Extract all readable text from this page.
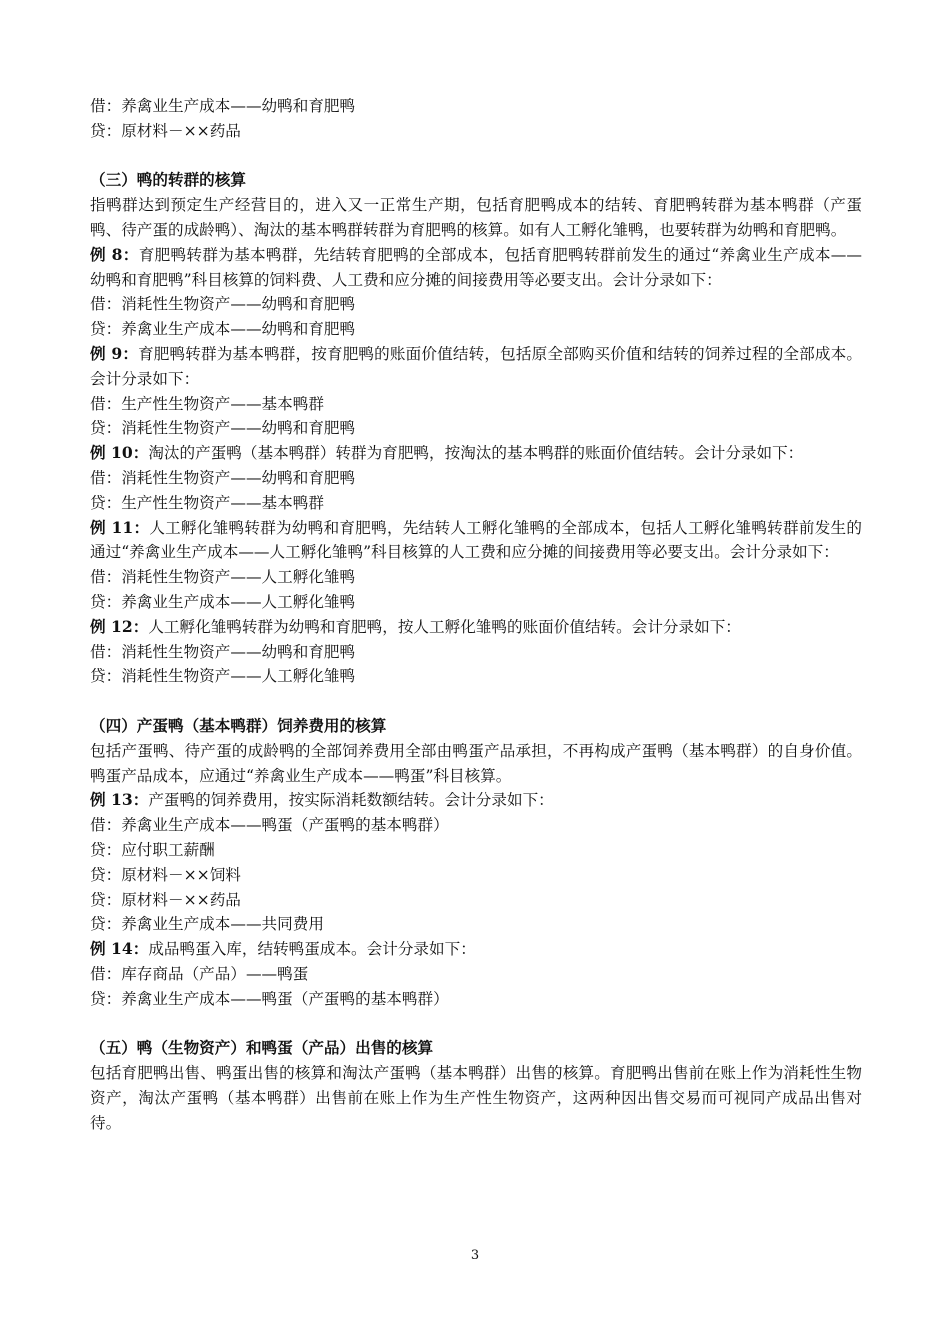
借：养禽业生产成本——幼鸭和育肥鸭
贷：原材料－××药品
（三）鸭的转群的核算
指鸭群达到预定生产经营目的，进入又一正常生产期，包括育肥鸭成本的结转、育肥鸭转群为基本鸭群（产蛋鸭、待产蛋的成龄鸭）、淘汰的基本鸭群转群为育肥鸭的核算。如有人工孵化雏鸭，也要转群为幼鸭和育肥鸭。
例 8：育肥鸭转群为基本鸭群，先结转育肥鸭的全部成本，包括育肥鸭转群前发生的通过“养禽业生产成本——幼鸭和育肥鸭”科目核算的饲料费、人工费和应分摊的间接费用等必要支出。会计分录如下：
借：消耗性生物资产——幼鸭和育肥鸭
贷：养禽业生产成本——幼鸭和育肥鸭
例 9：育肥鸭转群为基本鸭群，按育肥鸭的账面价值结转，包括原全部购买价值和结转的饲养过程的全部成本。会计分录如下：
借：生产性生物资产——基本鸭群
贷：消耗性生物资产——幼鸭和育肥鸭
例 10：淘汰的产蛋鸭（基本鸭群）转群为育肥鸭，按淘汰的基本鸭群的账面价值结转。会计分录如下：
借：消耗性生物资产——幼鸭和育肥鸭
贷：生产性生物资产——基本鸭群
例 11：人工孵化雏鸭转群为幼鸭和育肥鸭，先结转人工孵化雏鸭的全部成本，包括人工孵化雏鸭转群前发生的通过“养禽业生产成本——人工孵化雏鸭”科目核算的人工费和应分摊的间接费用等必要支出。会计分录如下：
借：消耗性生物资产——人工孵化雏鸭
贷：养禽业生产成本——人工孵化雏鸭
例 12：人工孵化雏鸭转群为幼鸭和育肥鸭，按人工孵化雏鸭的账面价值结转。会计分录如下：
借：消耗性生物资产——幼鸭和育肥鸭
贷：消耗性生物资产——人工孵化雏鸭
（四）产蛋鸭（基本鸭群）饲养费用的核算
包括产蛋鸭、待产蛋的成龄鸭的全部饲养费用全部由鸭蛋产品承担，不再构成产蛋鸭（基本鸭群）的自身价值。鸭蛋产品成本，应通过“养禽业生产成本——鸭蛋”科目核算。
例 13：产蛋鸭的饲养费用，按实际消耗数额结转。会计分录如下：
借：养禽业生产成本——鸭蛋（产蛋鸭的基本鸭群）
贷：应付职工薪酬
贷：原材料－××饲料
贷：原材料－××药品
贷：养禽业生产成本——共同费用
例 14：成品鸭蛋入库，结转鸭蛋成本。会计分录如下：
借：库存商品（产品）——鸭蛋
贷：养禽业生产成本——鸭蛋（产蛋鸭的基本鸭群）
（五）鸭（生物资产）和鸭蛋（产品）出售的核算
包括育肥鸭出售、鸭蛋出售的核算和淘汰产蛋鸭（基本鸭群）出售的核算。育肥鸭出售前在账上作为消耗性生物资产，淘汰产蛋鸭（基本鸭群）出售前在账上作为生产性生物资产，这两种因出售交易而可视同产成品出售对待。
3
